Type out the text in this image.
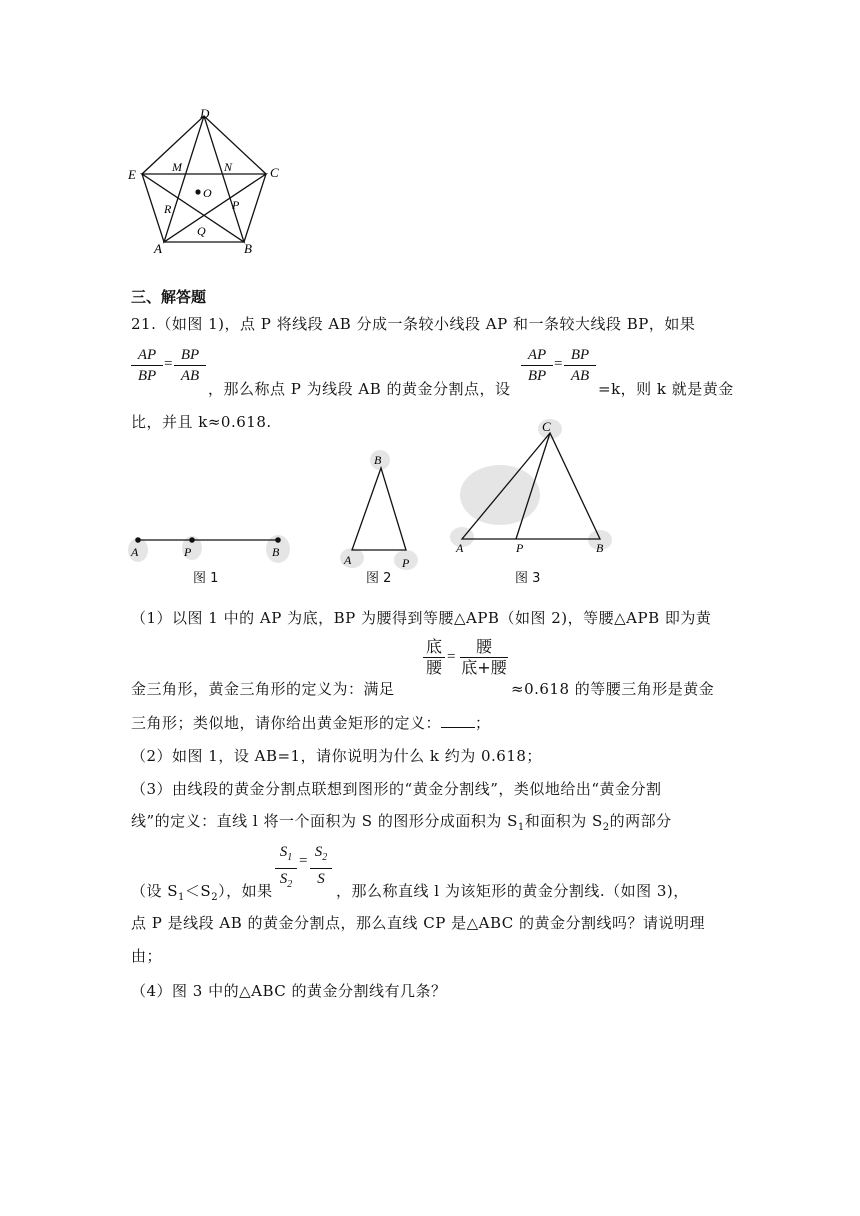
D
E	C
A	B
M	N
O
R	P
Q
三、解答题
21.（如图 1)，点 P 将线段 AB 分成一条较小线段 AP 和一条较大线段 BP，如果
AP
BP
=
BP
AB
，那么称点 P 为线段 AB 的黄金分割点，设
AP
BP
=
BP
AB
=k，则 k 就是黄金
比，并且 k≈0.618.
A	P	B
图 1
B
A	P
图 2
C
A	P	B
图 3
（1）以图 1 中的 AP 为底，BP 为腰得到等腰△APB（如图 2)，等腰△APB 即为黄
底
腰
=
腰
底+腰
金三角形，黄金三角形的定义为：满足	≈0.618 的等腰三角形是黄金
三角形；类似地，请你给出黄金矩形的定义： ；
（2）如图 1，设 AB=1，请你说明为什么 k 约为 0.618；
（3）由线段的黄金分割点联想到图形的“黄金分割线”，类似地给出“黄金分割
线”的定义：直线 l 将一个面积为 S 的图形分成面积为 $S_1$和面积为 $S_2$的两部分
$S_1$
$S_2$
=
$S_2$
S
（设 $S_1<S_2$），如果	，那么称直线 l 为该矩形的黄金分割线.（如图 3)，
点 P 是线段 AB 的黄金分割点，那么直线 CP 是△ABC 的黄金分割线吗？请说明理
由；
（4）图 3 中的△ABC 的黄金分割线有几条？
